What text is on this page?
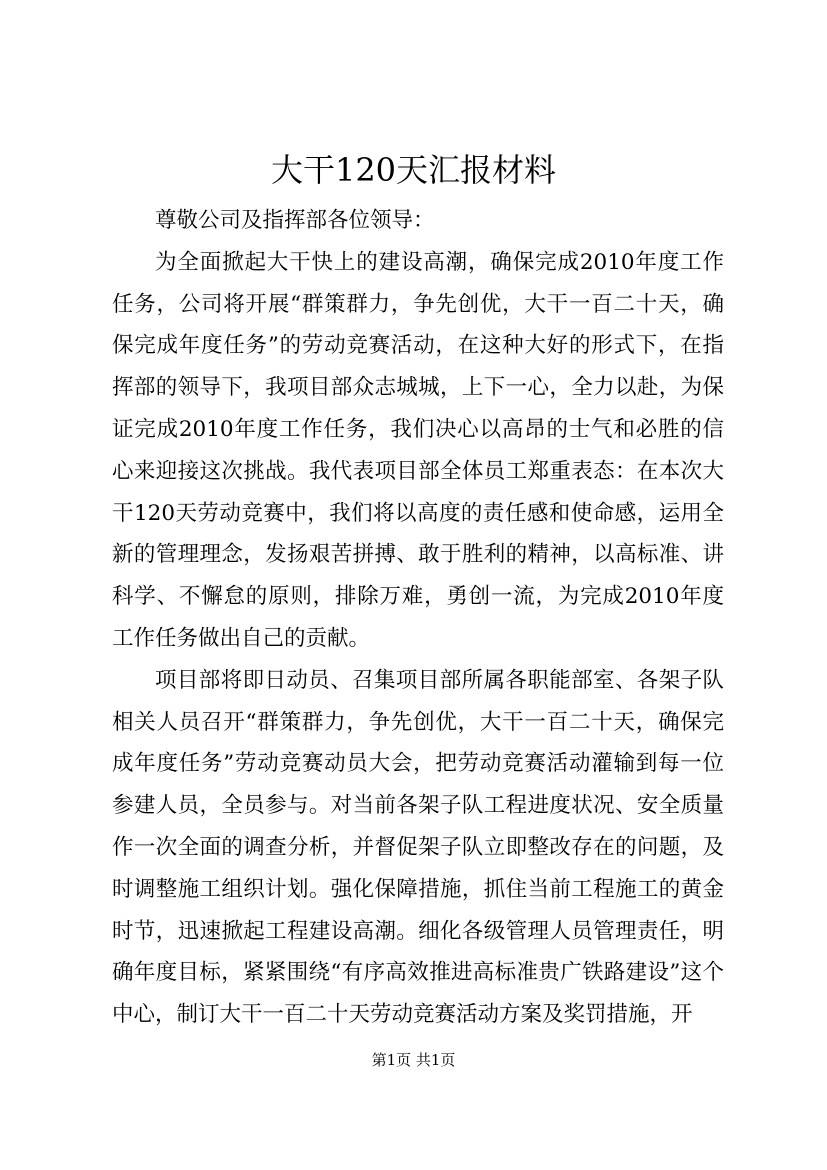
大干120天汇报材料

尊敬公司及指挥部各位领导：

为全面掀起大干快上的建设高潮，确保完成2010年度工作任务，公司将开展“群策群力，争先创优，大干一百二十天，确保完成年度任务”的劳动竞赛活动，在这种大好的形式下，在指挥部的领导下，我项目部众志城城，上下一心，全力以赴，为保证完成2010年度工作任务，我们决心以高昂的士气和必胜的信心来迎接这次挑战。我代表项目部全体员工郑重表态：在本次大干120天劳动竞赛中，我们将以高度的责任感和使命感，运用全新的管理理念，发扬艰苦拼搏、敢于胜利的精神，以高标准、讲科学、不懈怠的原则，排除万难，勇创一流，为完成2010年度工作任务做出自己的贡献。

项目部将即日动员、召集项目部所属各职能部室、各架子队相关人员召开“群策群力，争先创优，大干一百二十天，确保完成年度任务”劳动竞赛动员大会，把劳动竞赛活动灌输到每一位参建人员，全员参与。对当前各架子队工程进度状况、安全质量作一次全面的调查分析，并督促架子队立即整改存在的问题，及时调整施工组织计划。强化保障措施，抓住当前工程施工的黄金时节，迅速掀起工程建设高潮。细化各级管理人员管理责任，明确年度目标，紧紧围绕“有序高效推进高标准贵广铁路建设”这个中心，制订大干一百二十天劳动竞赛活动方案及奖罚措施，开

第1页 共1页
